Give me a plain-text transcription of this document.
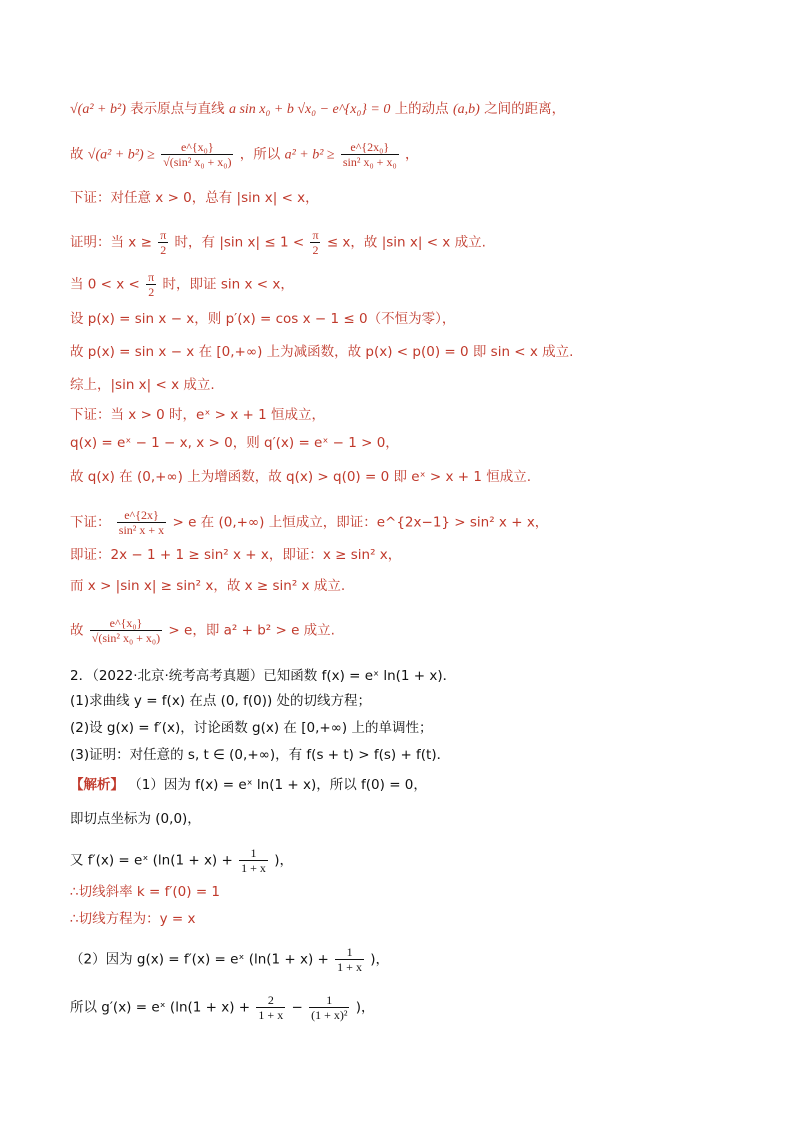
√(a² + b²) 表示原点与直线 a sin x₀ + b √x₀ − e^{x₀} = 0 上的动点 (a,b) 之间的距离，
故 $√(a^2 + b^2) \ge \frac{\text{e\textasciicircum{}\{x₀\}}}{\text{√(sin² x₀ + x₀)}}$ ，所以 $a^2 + b^2 \ge \frac{\text{e\textasciicircum{}\{2x₀\}}}{\text{sin² x₀ + x₀}}$ ，
下证：对任意 x > 0，总有 |sin x| < x，
证明：当 $x \ge \frac{\pi}{2}$ 时，有 |sin $x| \le 1 < \frac{\pi}{2} \le x$，故 |sin x| < x 成立.
当 $0 < x < \frac{\pi}{2}$ 时，即证 sin x < x，
设 p(x) = sin x − x，则 p′(x) = cos x − 1 ≤ 0（不恒为零），
故 p(x) = sin x − x 在 [0,+∞) 上为减函数，故 p(x) < p(0) = 0 即 sin < x 成立.
综上，|sin x| < x 成立.
下证：当 x > 0 时，eˣ > x + 1 恒成立，
q(x) = eˣ − 1 − x, x > 0，则 q′(x) = eˣ − 1 > 0，
故 q(x) 在 (0,+∞) 上为增函数，故 q(x) > q(0) = 0 即 eˣ > x + 1 恒成立.
下证： $\frac{e\^{}\{2x\}}{\text{sin² x + x}} > e$ 在 (0,+∞) 上恒成立，即证：e^{2x−1} > sin² x + x，
即证：2x − 1 + 1 ≥ sin² x + x，即证：x ≥ sin² x，
而 x > |sin x| ≥ sin² x，故 x ≥ sin² x 成立.
故 $\frac{\text{e\textasciicircum{}\{x₀\}}}{\text{√(sin² x₀ + x₀)}} > e$，即 a² + b² > e 成立.
2．（2022·北京·统考高考真题）已知函数 f(x) = eˣ ln(1 + x)．
(1)求曲线 y = f(x) 在点 (0, f(0)) 处的切线方程；
(2)设 g(x) = f′(x)，讨论函数 g(x) 在 [0,+∞) 上的单调性；
(3)证明：对任意的 s, t ∈ (0,+∞)，有 f(s + t) > f(s) + f(t)．
【解析】 （1）因为 f(x) = eˣ ln(1 + x)，所以 f(0) = 0，
即切点坐标为 (0,0)，
又 f′(x) = eˣ ($\ln(1 + x) + \frac{1}{1 + x}$ )，
∴切线斜率 k = f′(0) = 1
∴切线方程为：y = x
（2）因为 g(x) = f′(x) = eˣ ($\ln(1 + x) + \frac{1}{1 + x}$ )，
所以 g′(x) = eˣ ($\ln(1 + x) + \frac{2}{1 + x} - \frac{1}{\text{(1 + x)²}}$ )，
